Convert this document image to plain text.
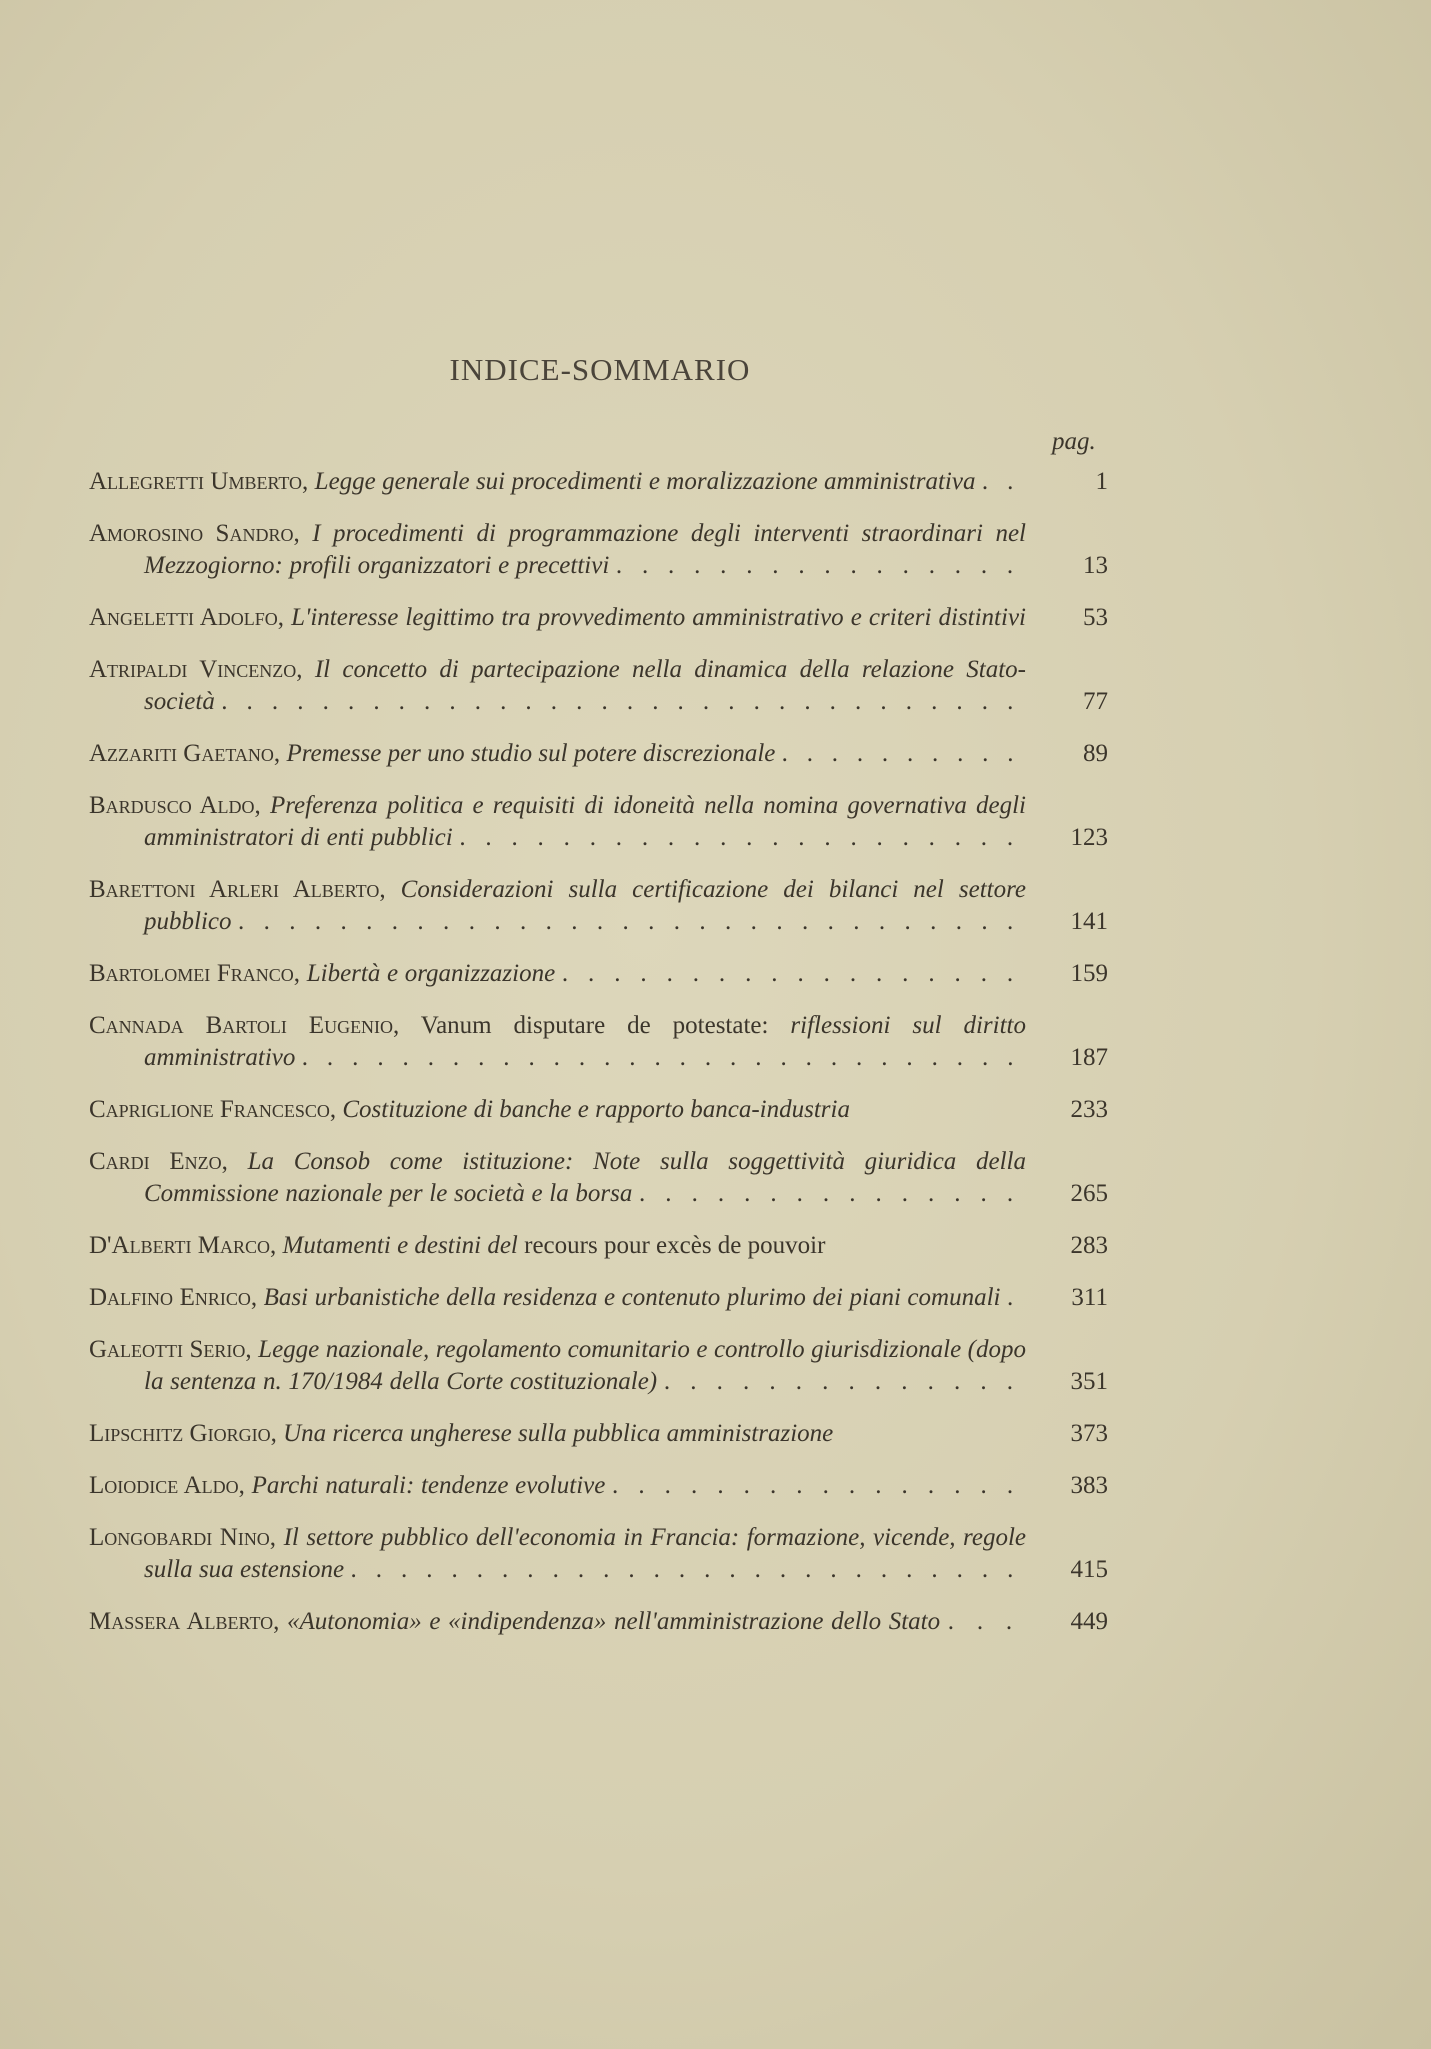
INDICE-SOMMARIO
pag.
Allegretti Umberto, Legge generale sui procedimenti e moralizzazione amministrativa .   .	1
Amorosino Sandro, I procedimenti di programmazione degli interventi straordinari nel Mezzogiorno: profili organizzatori e precettivi .   .   .   .   .   .   .   .   .   .   .   .   .   .   .   .	13
Angeletti Adolfo, L'interesse legittimo tra provvedimento amministrativo e criteri distintivi 53
Atripaldi Vincenzo, Il concetto di partecipazione nella dinamica della relazione Stato-società .   .   .   .   .   .   .   .   .   .   .   .   .   .   .   .   .   .   .   .   .   .   .   .   .   .   .   .   .   .   .   .	77
Azzariti Gaetano, Premesse per uno studio sul potere discrezionale .   .   .   .   .   .   .   .   .   .	89
Bardusco Aldo, Preferenza politica e requisiti di idoneità nella nomina governativa degli amministratori di enti pubblici .   .   .   .   .   .   .   .   .   .   .   .   .   .   .   .   .   .   .   .   .   .	123
Barettoni Arleri Alberto, Considerazioni sulla certificazione dei bilanci nel settore pubblico .   .   .   .   .   .   .   .   .   .   .   .   .   .   .   .   .   .   .   .   .   .   .   .   .   .   .   .   .   .   .	141
Bartolomei Franco, Libertà e organizzazione .   .   .   .   .   .   .   .   .   .   .   .   .   .   .   .   .   .	159
Cannada Bartoli Eugenio, Vanum disputare de potestate: riflessioni sul diritto amministrativo .   .   .   .   .   .   .   .   .   .   .   .   .   .   .   .   .   .   .   .   .   .   .   .   .   .   .   .   .	187
Capriglione Francesco, Costituzione di banche e rapporto banca-industria	233
Cardi Enzo, La Consob come istituzione: Note sulla soggettività giuridica della Commissione nazionale per le società e la borsa .   .   .   .   .   .   .   .   .   .   .   .   .   .   .	265
D'Alberti Marco, Mutamenti e destini del recours pour excès de pouvoir	283
Dalfino Enrico, Basi urbanistiche della residenza e contenuto plurimo dei piani comunali .	311
Galeotti Serio, Legge nazionale, regolamento comunitario e controllo giurisdizionale (dopo la sentenza n. 170/1984 della Corte costituzionale) .   .   .   .   .   .   .   .   .   .   .   .   .   .	351
Lipschitz Giorgio, Una ricerca ungherese sulla pubblica amministrazione	373
Loiodice Aldo, Parchi naturali: tendenze evolutive .   .   .   .   .   .   .   .   .   .   .   .   .   .   .   .	383
Longobardi Nino, Il settore pubblico dell'economia in Francia: formazione, vicende, regole sulla sua estensione .   .   .   .   .   .   .   .   .   .   .   .   .   .   .   .   .   .   .   .   .   .   .   .   .   .   .	415
Massera Alberto, «Autonomia» e «indipendenza» nell'amministrazione dello Stato .   .   .	449
